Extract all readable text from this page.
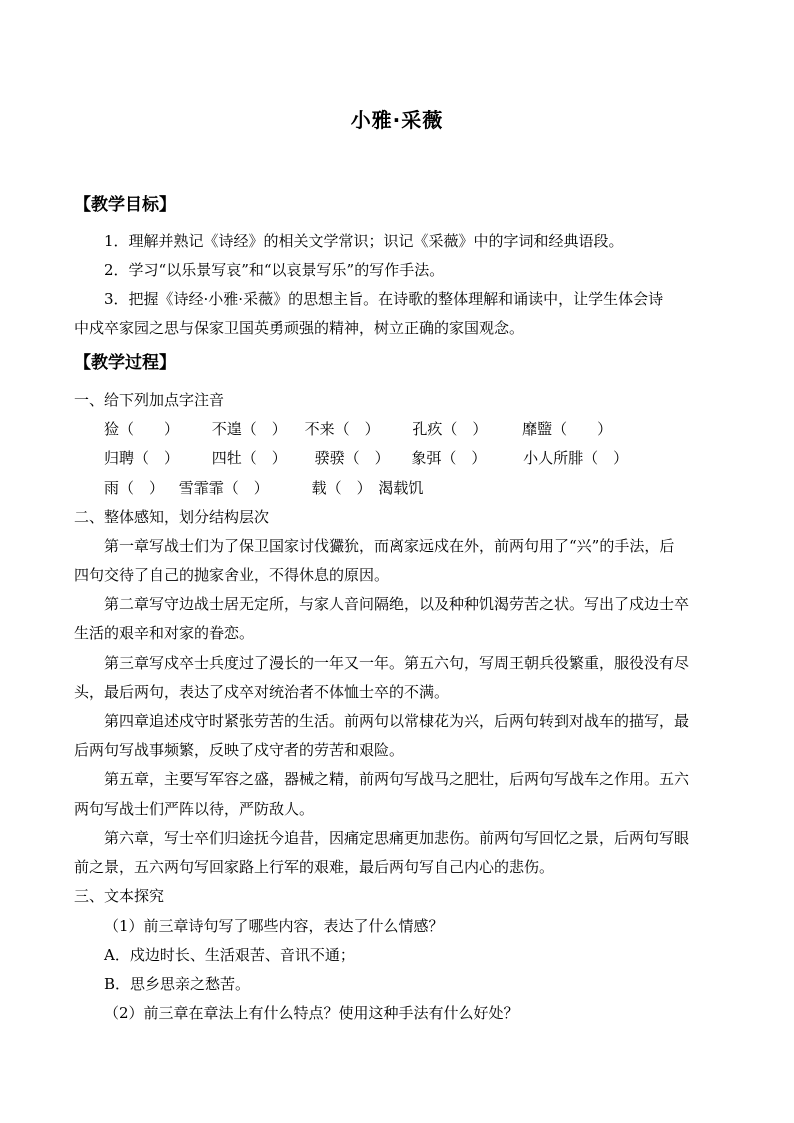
小雅·采薇
【教学目标】
1．理解并熟记《诗经》的相关文学常识；识记《采薇》中的字词和经典语段。
2．学习“以乐景写哀”和“以哀景写乐”的写作手法。
3．把握《诗经·小雅·采薇》的思想主旨。在诗歌的整体理解和诵读中，让学生体会诗
中戍卒家园之思与保家卫国英勇顽强的精神，树立正确的家国观念。
【教学过程】
一、给下列加点字注音
猃（　　） 不遑（　） 不来（　） 孔疚（　） 靡盬（　　）
归聘（　） 四牡（　） 骙骙（　） 象弭（　） 小人所腓（　）
雨（　） 雪霏霏（　）	载（　） 渴载饥
二、整体感知，划分结构层次
第一章写战士们为了保卫国家讨伐玁狁，而离家远戍在外，前两句用了“兴”的手法，后
四句交待了自己的抛家舍业，不得休息的原因。
第二章写守边战士居无定所，与家人音问隔绝，以及种种饥渴劳苦之状。写出了戍边士卒
生活的艰辛和对家的眷恋。
第三章写戍卒士兵度过了漫长的一年又一年。第五六句，写周王朝兵役繁重，服役没有尽
头，最后两句，表达了戍卒对统治者不体恤士卒的不满。
第四章追述戍守时紧张劳苦的生活。前两句以常棣花为兴，后两句转到对战车的描写，最
后两句写战事频繁，反映了戍守者的劳苦和艰险。
第五章，主要写军容之盛，器械之精，前两句写战马之肥壮，后两句写战车之作用。五六
两句写战士们严阵以待，严防敌人。
第六章，写士卒们归途抚今追昔，因痛定思痛更加悲伤。前两句写回忆之景，后两句写眼
前之景，五六两句写回家路上行军的艰难，最后两句写自己内心的悲伤。
三、文本探究
（1）前三章诗句写了哪些内容，表达了什么情感？
A．戍边时长、生活艰苦、音讯不通；
B．思乡思亲之愁苦。
（2）前三章在章法上有什么特点？使用这种手法有什么好处？
